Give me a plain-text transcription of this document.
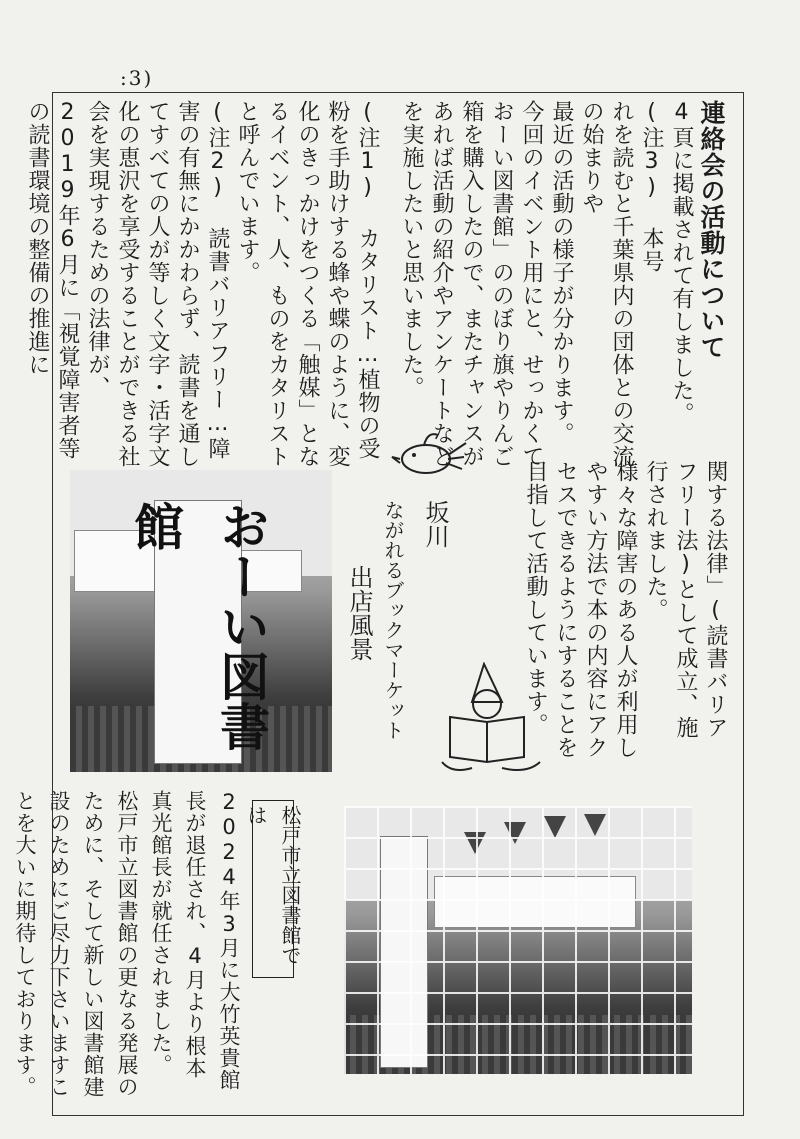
:3)

連絡会の活動について

4頁に掲載されて有しました。(注3) 本号

れを読むと千葉県内の団体との交流の始まりや

最近の活動の様子が分かります。

今回のイベント用にと、せっかくておーい図書館」ののぼり旗やりんご箱を購入したので、またチャンスがあれば活動の紹介やアンケートなどを実施したいと思いました。

(注1) カタリスト…植物の受粉を手助けする蜂や蝶のように、変化のきっかけをつくる「触媒」となるイベント、人、ものをカタリストと呼んでいます。

(注2) 読書バリアフリー…障害の有無にかかわらず、読書を通してすべての人が等しく文字・活字文化の恵沢を享受することができる社会を実現するための法律が、2019年6月に「視覚障害者等の読書環境の整備の推進に

関する法律」(読書バリアフリー法)として成立、施行されました。

様々な障害のある人が利用しやすい方法で本の内容にアクセスできるようにすることを目指して活動しています。

坂川
ながれるブックマーケット
出店風景
おーい図書館
松戸市立図書館では

2024年3月に大竹英貴館長が退任され、4月より根本真光館長が就任されました。

松戸市立図書館の更なる発展のために、そして新しい図書館建設のためにご尽力下さいますことを大いに期待しております。
